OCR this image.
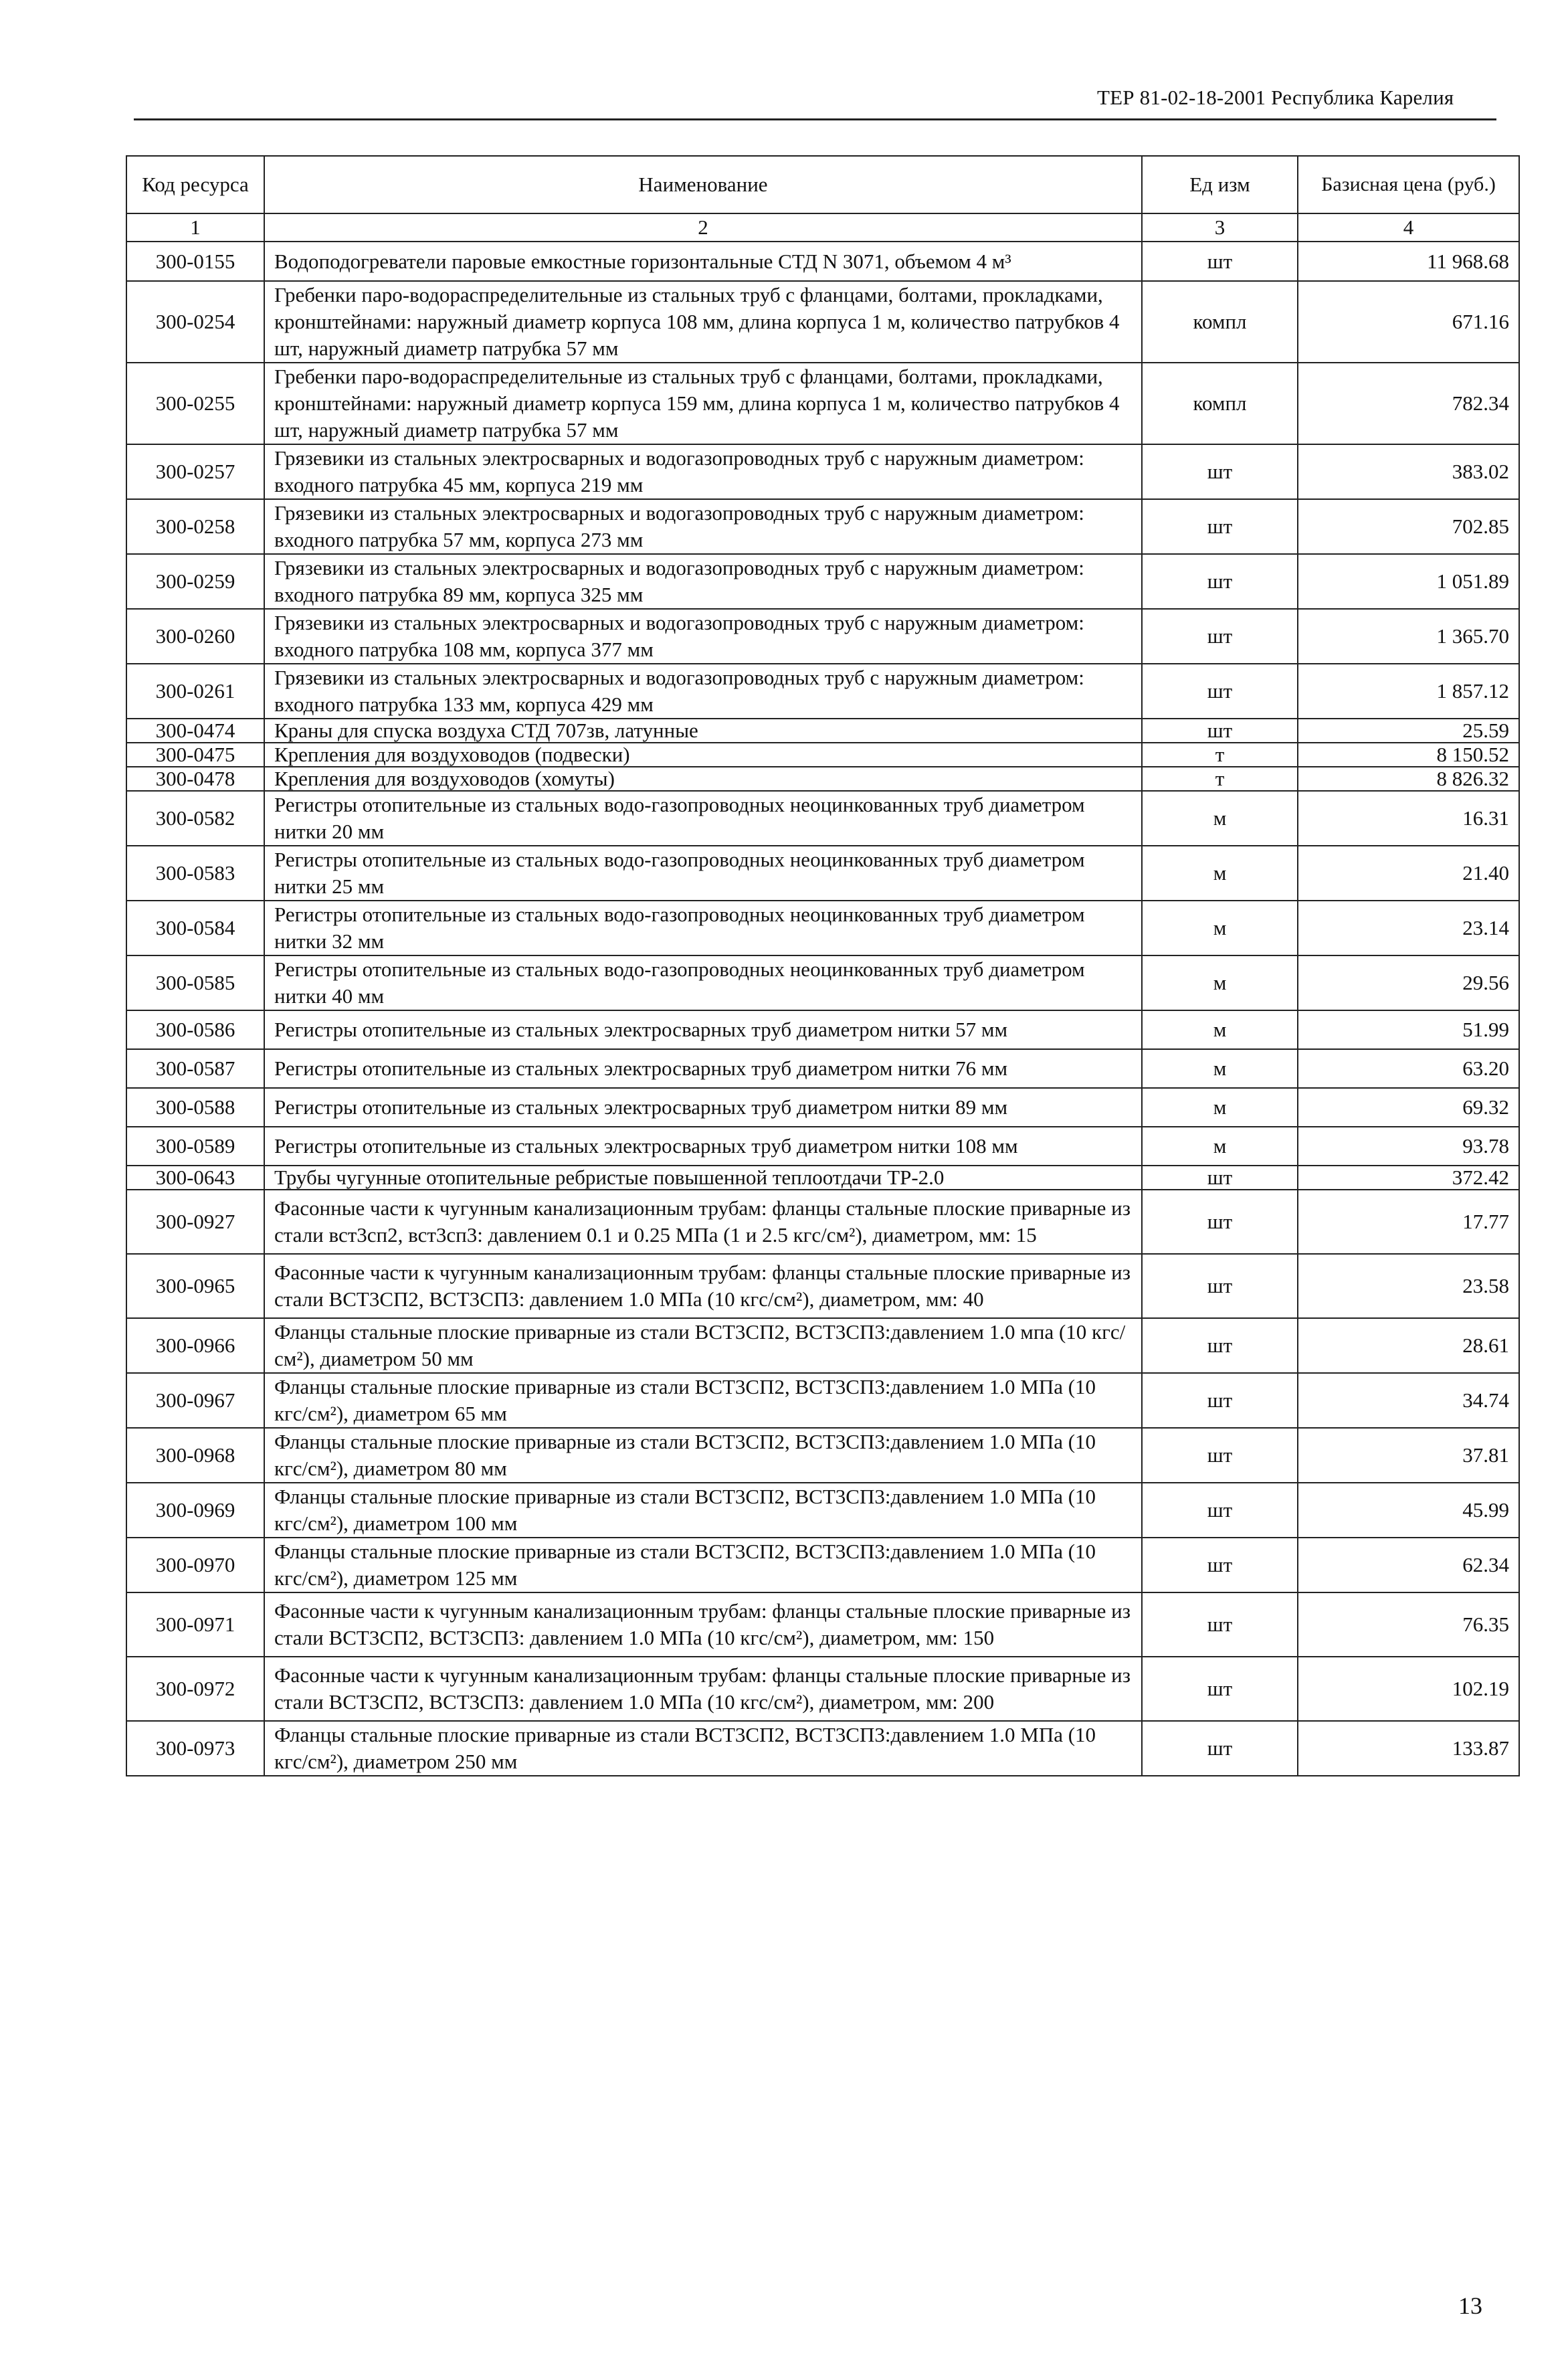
ТЕР 81-02-18-2001 Республика Карелия
Код ресурса	Наименование	Ед изм	Базисная цена (руб.)
1	2	3	4
300-0155	Водоподогреватели паровые емкостные горизонтальные СТД N 3071, объемом 4 м³	шт	11 968.68
300-0254	Гребенки паро-водораспределительные из стальных труб с фланцами, болтами, прокладками, кронштейнами: наружный диаметр корпуса 108 мм, длина корпуса 1 м, количество патрубков 4 шт, наружный диаметр патрубка 57 мм	компл	671.16
300-0255	Гребенки паро-водораспределительные из стальных труб с фланцами, болтами, прокладками, кронштейнами: наружный диаметр корпуса 159 мм, длина корпуса 1 м, количество патрубков 4 шт, наружный диаметр патрубка 57 мм	компл	782.34
300-0257	Грязевики из стальных электросварных и водогазопроводных труб с наружным диаметром: входного патрубка 45 мм, корпуса 219 мм	шт	383.02
300-0258	Грязевики из стальных электросварных и водогазопроводных труб с наружным диаметром: входного патрубка 57 мм, корпуса 273 мм	шт	702.85
300-0259	Грязевики из стальных электросварных и водогазопроводных труб с наружным диаметром: входного патрубка 89 мм, корпуса 325 мм	шт	1 051.89
300-0260	Грязевики из стальных электросварных и водогазопроводных труб с наружным диаметром: входного патрубка 108 мм, корпуса 377 мм	шт	1 365.70
300-0261	Грязевики из стальных электросварных и водогазопроводных труб с наружным диаметром: входного патрубка 133 мм, корпуса 429 мм	шт	1 857.12
300-0474	Краны для спуска воздуха СТД 707зв, латунные	шт	25.59
300-0475	Крепления для воздуховодов (подвески)	т	8 150.52
300-0478	Крепления для воздуховодов (хомуты)	т	8 826.32
300-0582	Регистры отопительные из стальных водо-газопроводных неоцинкованных труб диаметром нитки 20 мм	м	16.31
300-0583	Регистры отопительные из стальных водо-газопроводных неоцинкованных труб диаметром нитки 25 мм	м	21.40
300-0584	Регистры отопительные из стальных водо-газопроводных неоцинкованных труб диаметром нитки 32 мм	м	23.14
300-0585	Регистры отопительные из стальных водо-газопроводных неоцинкованных труб диаметром нитки 40 мм	м	29.56
300-0586	Регистры отопительные из стальных электросварных труб диаметром нитки 57 мм	м	51.99
300-0587	Регистры отопительные из стальных электросварных труб диаметром нитки 76 мм	м	63.20
300-0588	Регистры отопительные из стальных электросварных труб диаметром нитки 89 мм	м	69.32
300-0589	Регистры отопительные из стальных электросварных труб диаметром нитки 108 мм	м	93.78
300-0643	Трубы чугунные отопительные ребристые повышенной теплоотдачи ТР-2.0	шт	372.42
300-0927	Фасонные части к чугунным канализационным трубам: фланцы стальные плоские приварные из стали вст3сп2, вст3сп3: давлением 0.1 и 0.25 МПа (1 и 2.5 кгс/см²), диаметром, мм: 15	шт	17.77
300-0965	Фасонные части к чугунным канализационным трубам: фланцы стальные плоские приварные из стали ВСТ3СП2, ВСТ3СП3: давлением 1.0 МПа (10 кгс/см²), диаметром, мм: 40	шт	23.58
300-0966	Фланцы стальные плоские приварные из стали ВСТ3СП2, ВСТ3СП3:давлением 1.0 мпа (10 кгс/см²), диаметром 50 мм	шт	28.61
300-0967	Фланцы стальные плоские приварные из стали ВСТ3СП2, ВСТ3СП3:давлением 1.0 МПа (10 кгс/см²), диаметром 65 мм	шт	34.74
300-0968	Фланцы стальные плоские приварные из стали ВСТ3СП2, ВСТ3СП3:давлением 1.0 МПа (10 кгс/см²), диаметром 80 мм	шт	37.81
300-0969	Фланцы стальные плоские приварные из стали ВСТ3СП2, ВСТ3СП3:давлением 1.0 МПа (10 кгс/см²), диаметром 100 мм	шт	45.99
300-0970	Фланцы стальные плоские приварные из стали ВСТ3СП2, ВСТ3СП3:давлением 1.0 МПа (10 кгс/см²), диаметром 125 мм	шт	62.34
300-0971	Фасонные части к чугунным канализационным трубам: фланцы стальные плоские приварные из стали ВСТ3СП2, ВСТ3СП3: давлением 1.0 МПа (10 кгс/см²), диаметром, мм: 150	шт	76.35
300-0972	Фасонные части к чугунным канализационным трубам: фланцы стальные плоские приварные из стали ВСТ3СП2, ВСТ3СП3: давлением 1.0 МПа (10 кгс/см²), диаметром, мм: 200	шт	102.19
300-0973	Фланцы стальные плоские приварные из стали ВСТ3СП2, ВСТ3СП3:давлением 1.0 МПа (10 кгс/см²), диаметром 250 мм	шт	133.87
13
